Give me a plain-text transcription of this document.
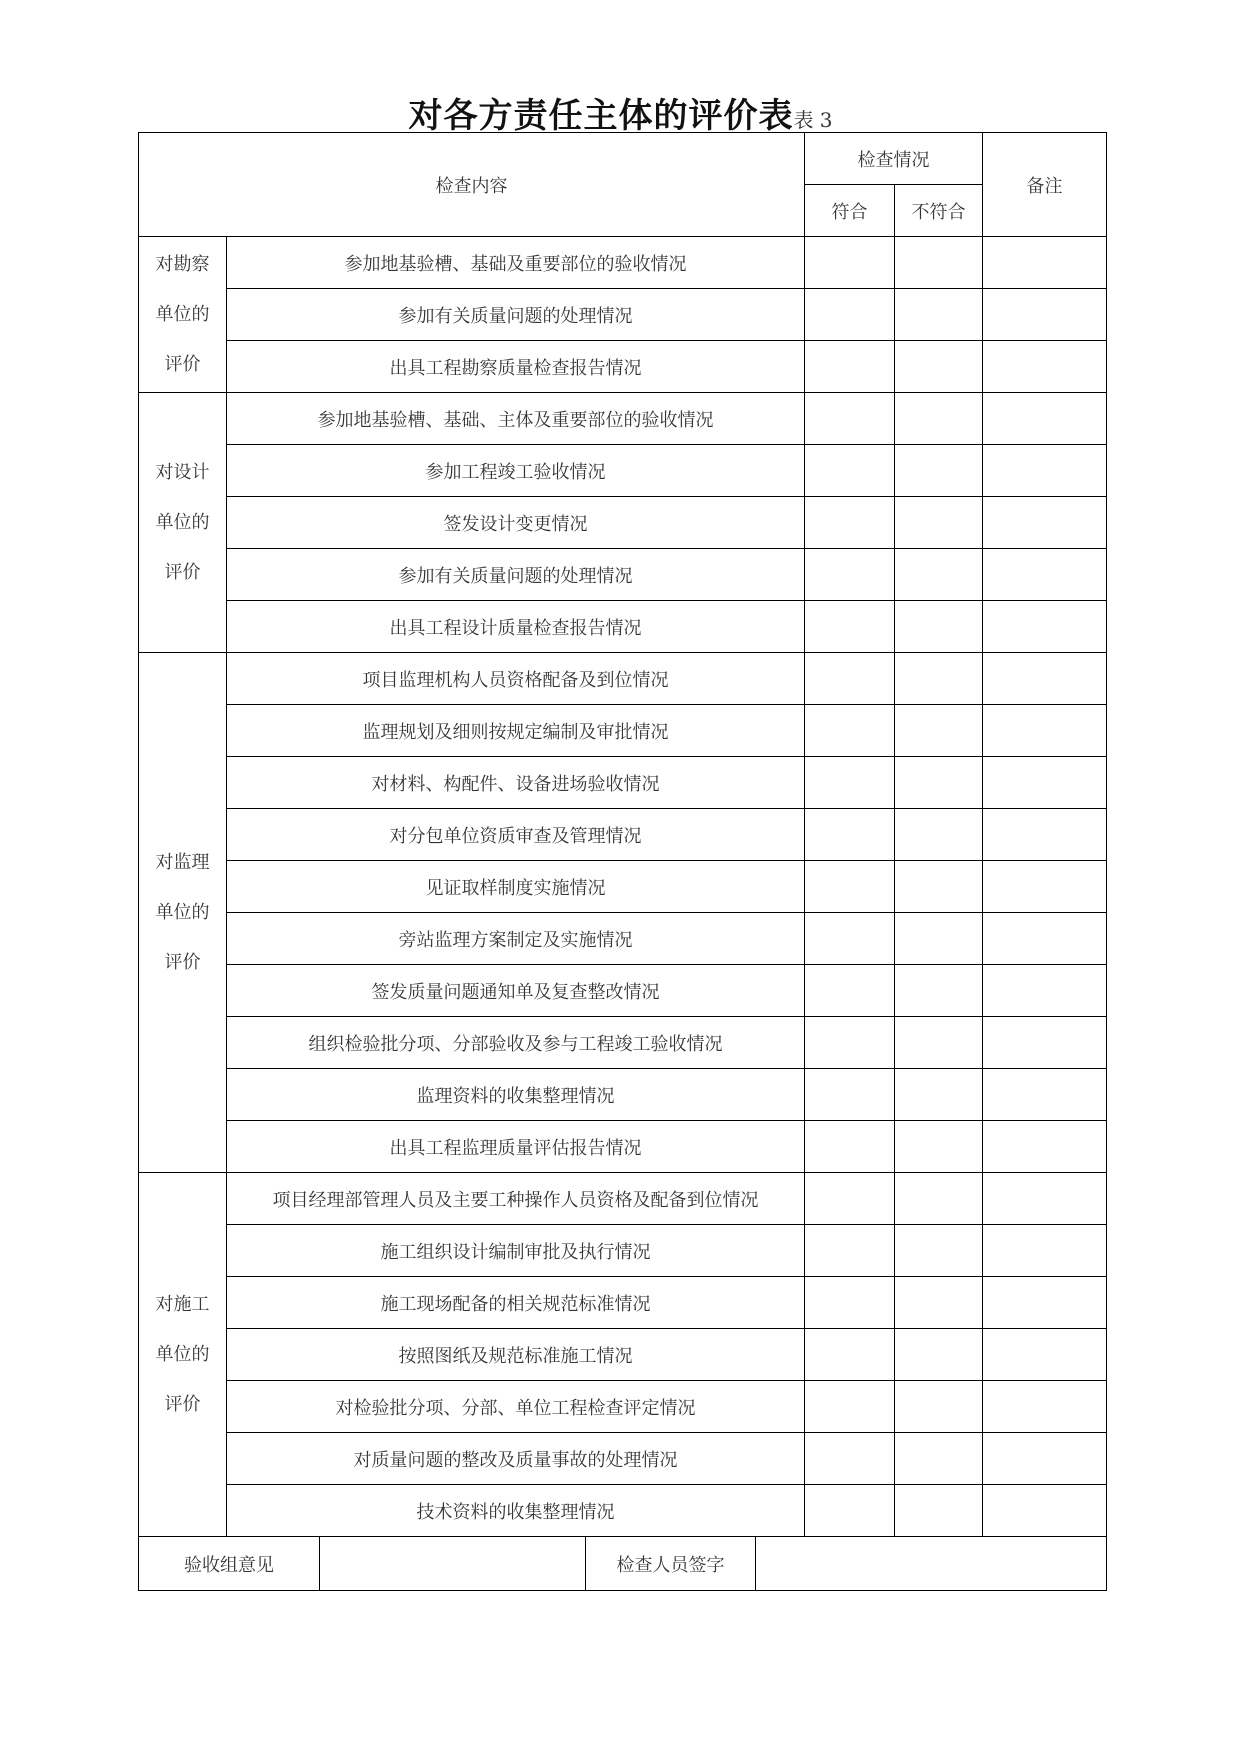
对各方责任主体的评价表表 3
检查内容		检查情况		备注
		符合	不符合	

对勘察
单位的
评价	参加地基验槽、基础及重要部位的验收情况			
	参加有关质量问题的处理情况			
	出具工程勘察质量检查报告情况			

对设计
单位的
评价	参加地基验槽、基础、主体及重要部位的验收情况			
	参加工程竣工验收情况			
	签发设计变更情况			
	参加有关质量问题的处理情况			
	出具工程设计质量检查报告情况			

对监理
单位的
评价	项目监理机构人员资格配备及到位情况			
	监理规划及细则按规定编制及审批情况			
	对材料、构配件、设备进场验收情况			
	对分包单位资质审查及管理情况			
	见证取样制度实施情况			
	旁站监理方案制定及实施情况			
	签发质量问题通知单及复查整改情况			
	组织检验批分项、分部验收及参与工程竣工验收情况			
	监理资料的收集整理情况			
	出具工程监理质量评估报告情况			

对施工
单位的
评价	项目经理部管理人员及主要工种操作人员资格及配备到位情况			
	施工组织设计编制审批及执行情况			
	施工现场配备的相关规范标准情况			
	按照图纸及规范标准施工情况			
	对检验批分项、分部、单位工程检查评定情况			
	对质量问题的整改及质量事故的处理情况			
	技术资料的收集整理情况			
验收组意见		检查人员签字	
